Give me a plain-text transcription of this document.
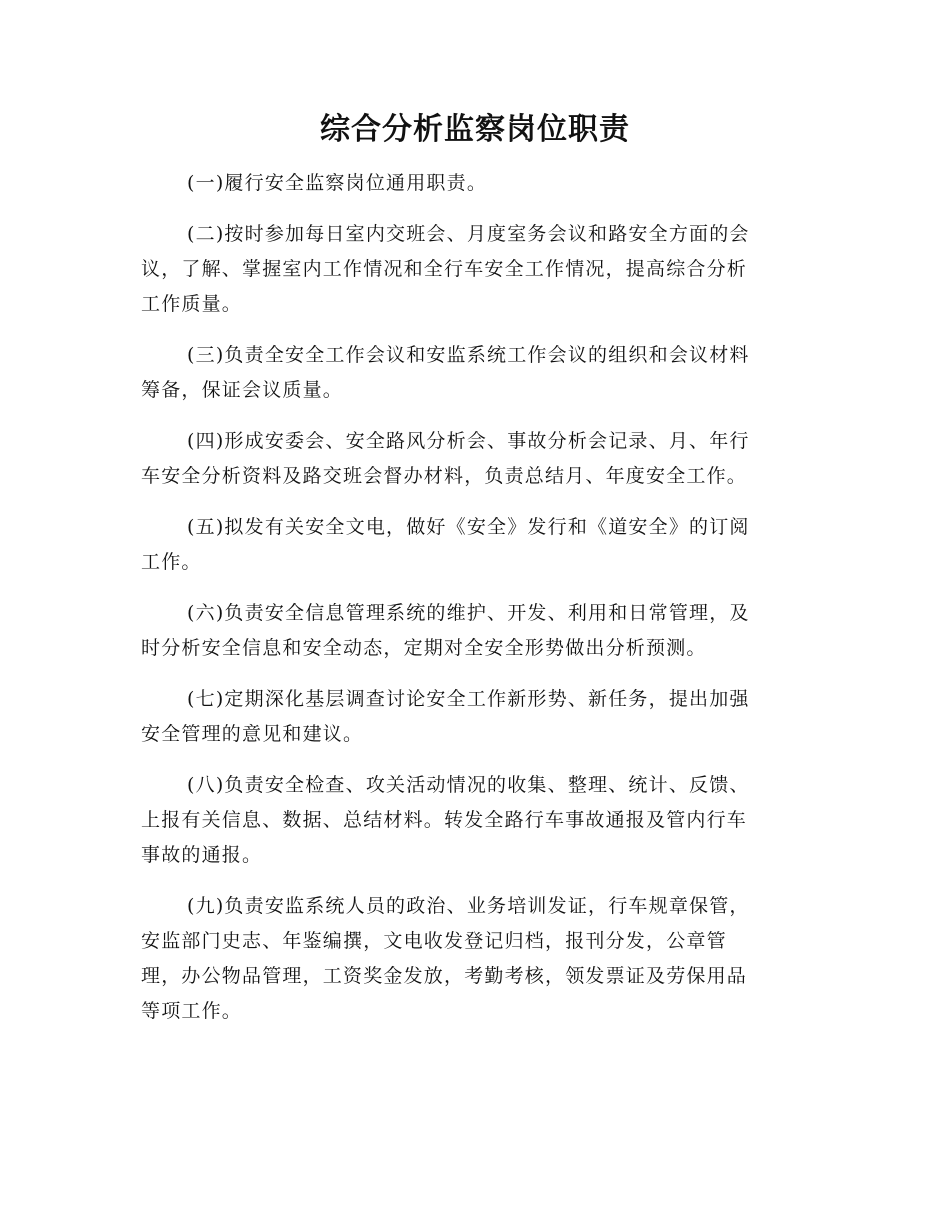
综合分析监察岗位职责

(一)履行安全监察岗位通用职责。

(二)按时参加每日室内交班会、月度室务会议和路安全方面的会
议，了解、掌握室内工作情况和全行车安全工作情况，提高综合分析
工作质量。

(三)负责全安全工作会议和安监系统工作会议的组织和会议材料
筹备，保证会议质量。

(四)形成安委会、安全路风分析会、事故分析会记录、月、年行
车安全分析资料及路交班会督办材料，负责总结月、年度安全工作。

(五)拟发有关安全文电，做好《安全》发行和《道安全》的订阅
工作。

(六)负责安全信息管理系统的维护、开发、利用和日常管理，及
时分析安全信息和安全动态，定期对全安全形势做出分析预测。

(七)定期深化基层调查讨论安全工作新形势、新任务，提出加强
安全管理的意见和建议。

(八)负责安全检查、攻关活动情况的收集、整理、统计、反馈、
上报有关信息、数据、总结材料。转发全路行车事故通报及管内行车
事故的通报。

(九)负责安监系统人员的政治、业务培训发证，行车规章保管，
安监部门史志、年鉴编撰，文电收发登记归档，报刊分发，公章管
理，办公物品管理，工资奖金发放，考勤考核，领发票证及劳保用品
等项工作。
